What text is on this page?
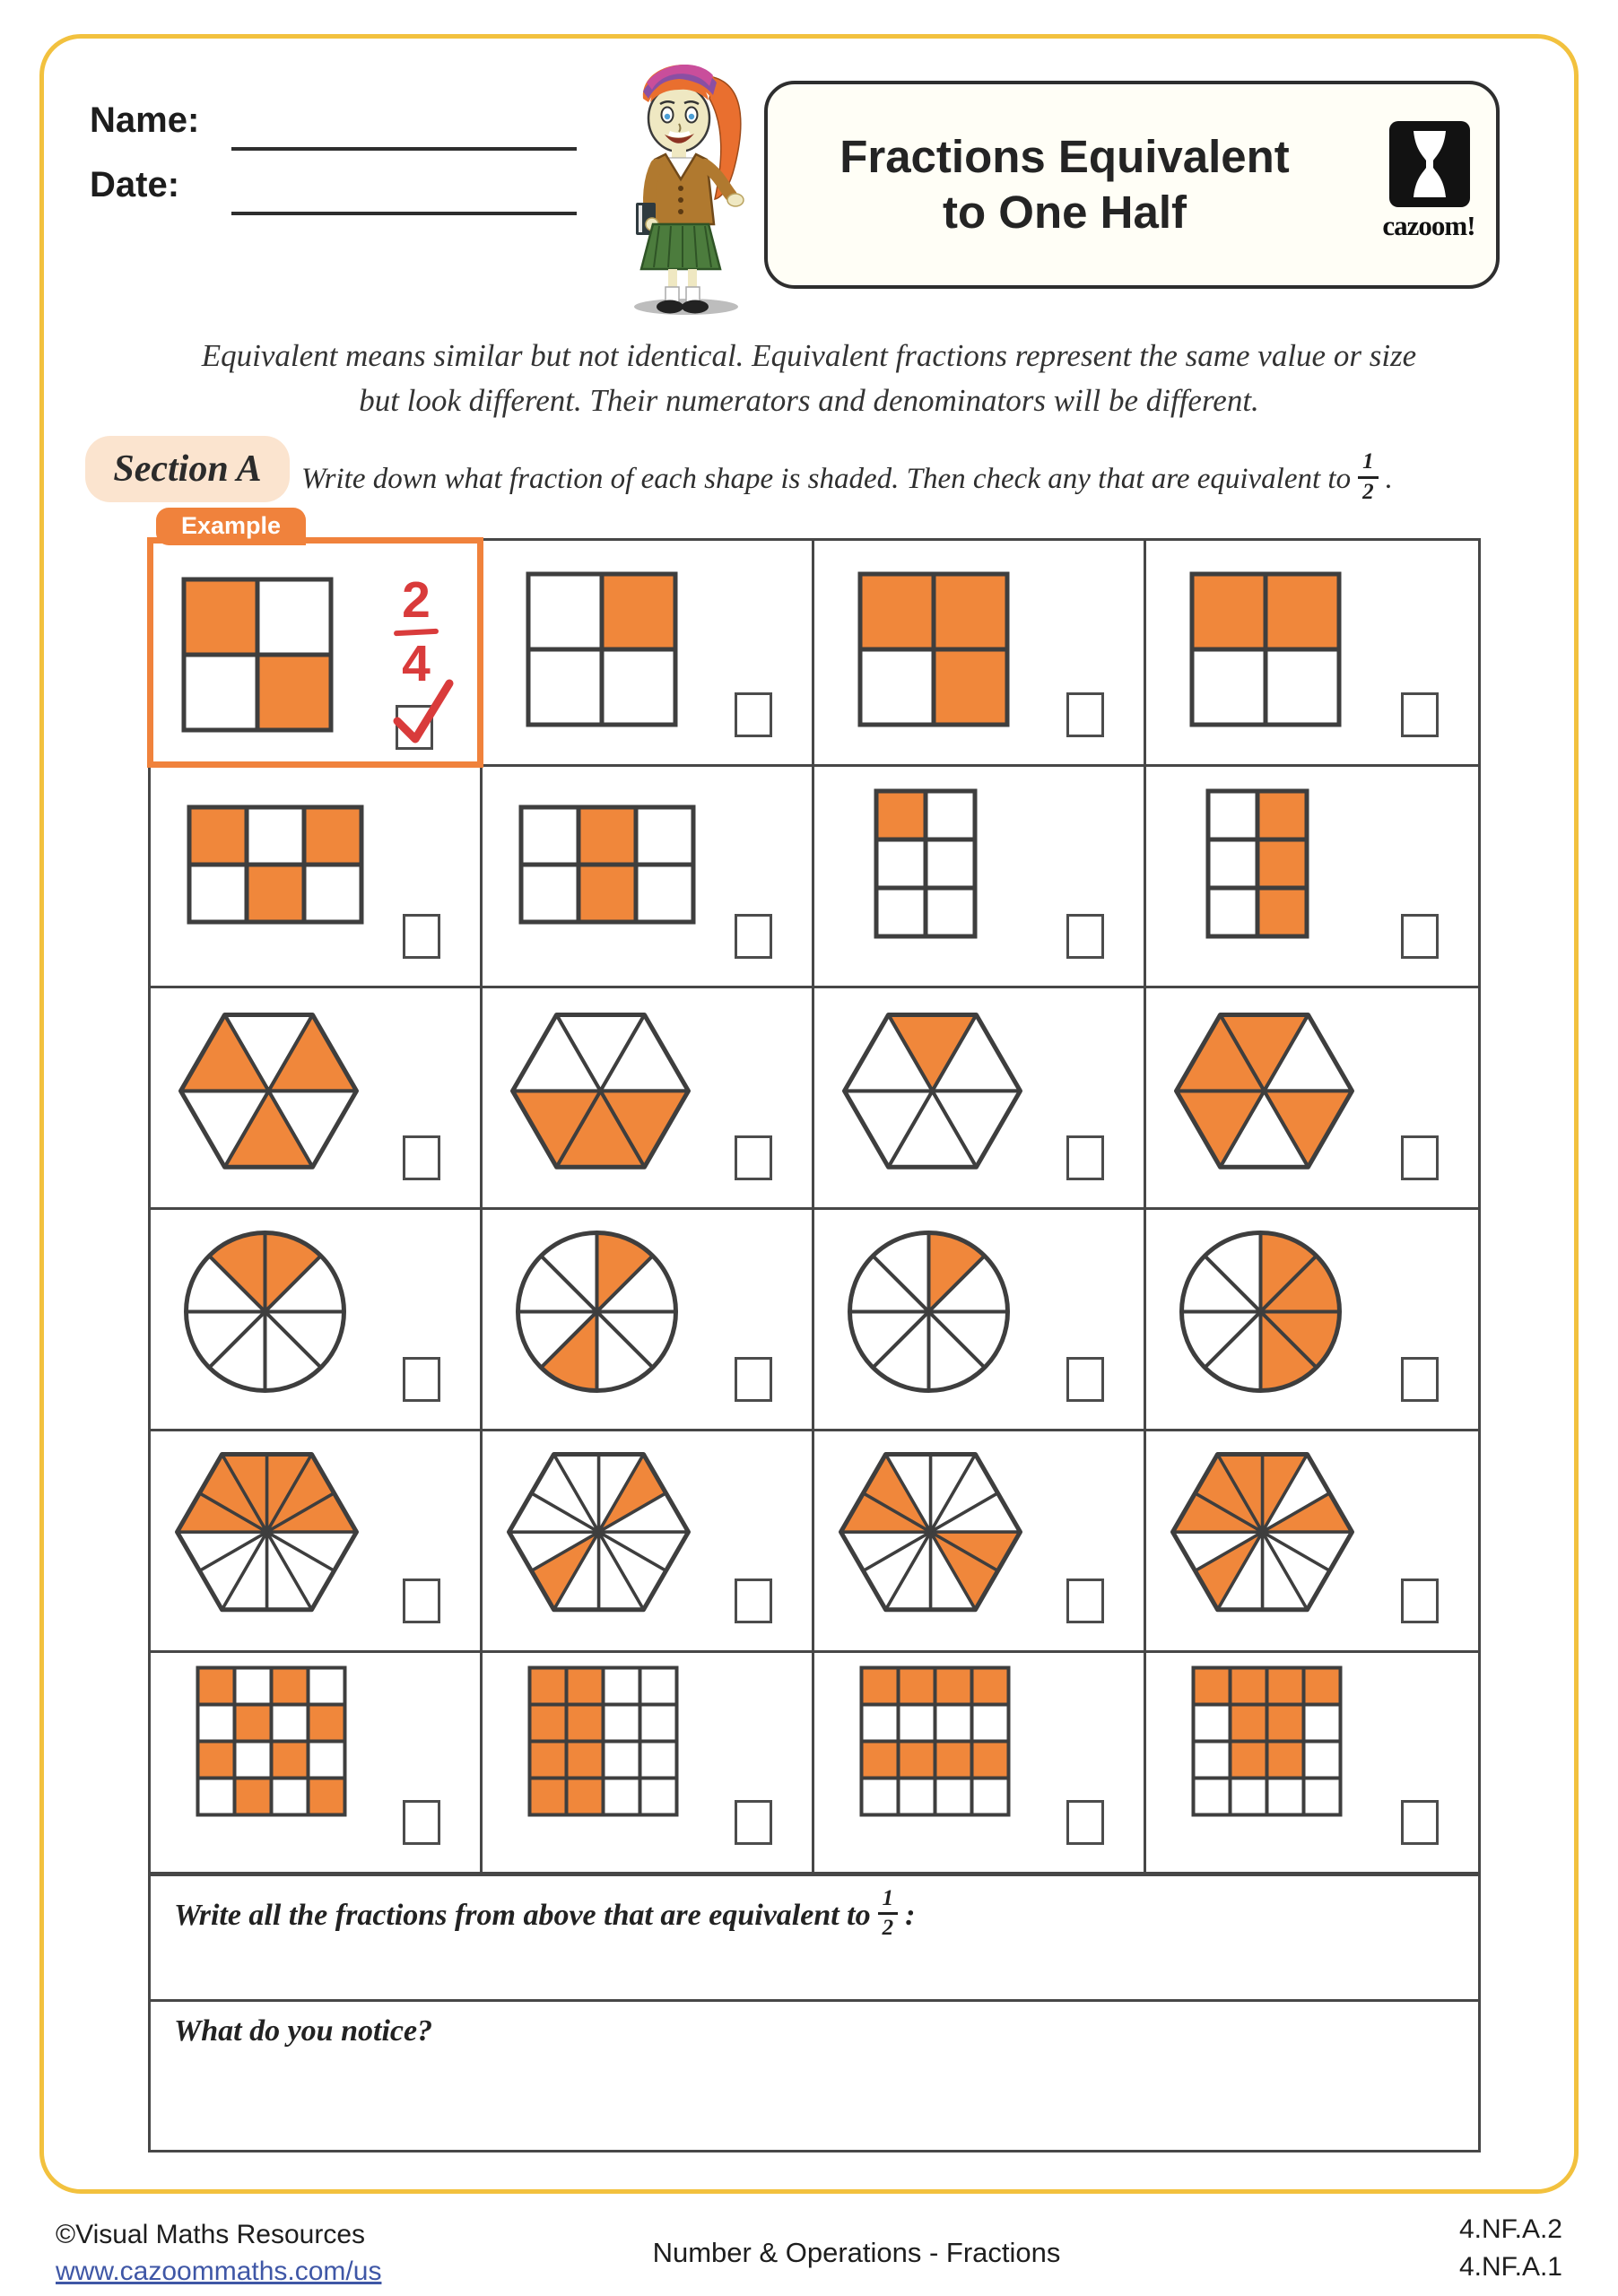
Name:
Date:
Fractions Equivalent
to One Half	cazoom!
Equivalent means similar but not identical. Equivalent fractions represent the same value or size
but look different. Their numerators and denominators will be different.
Section A	Write down what fraction of each shape is shaded. Then check any that are equivalent to $\frac{1}{2}$ .
Example
2
4
Write all the fractions from above that are equivalent to $\frac{1}{2}$ :
What do you notice?
©Visual Maths Resources
www.cazoommaths.com/us
Number & Operations - Fractions
4.NF.A.2
4.NF.A.1
